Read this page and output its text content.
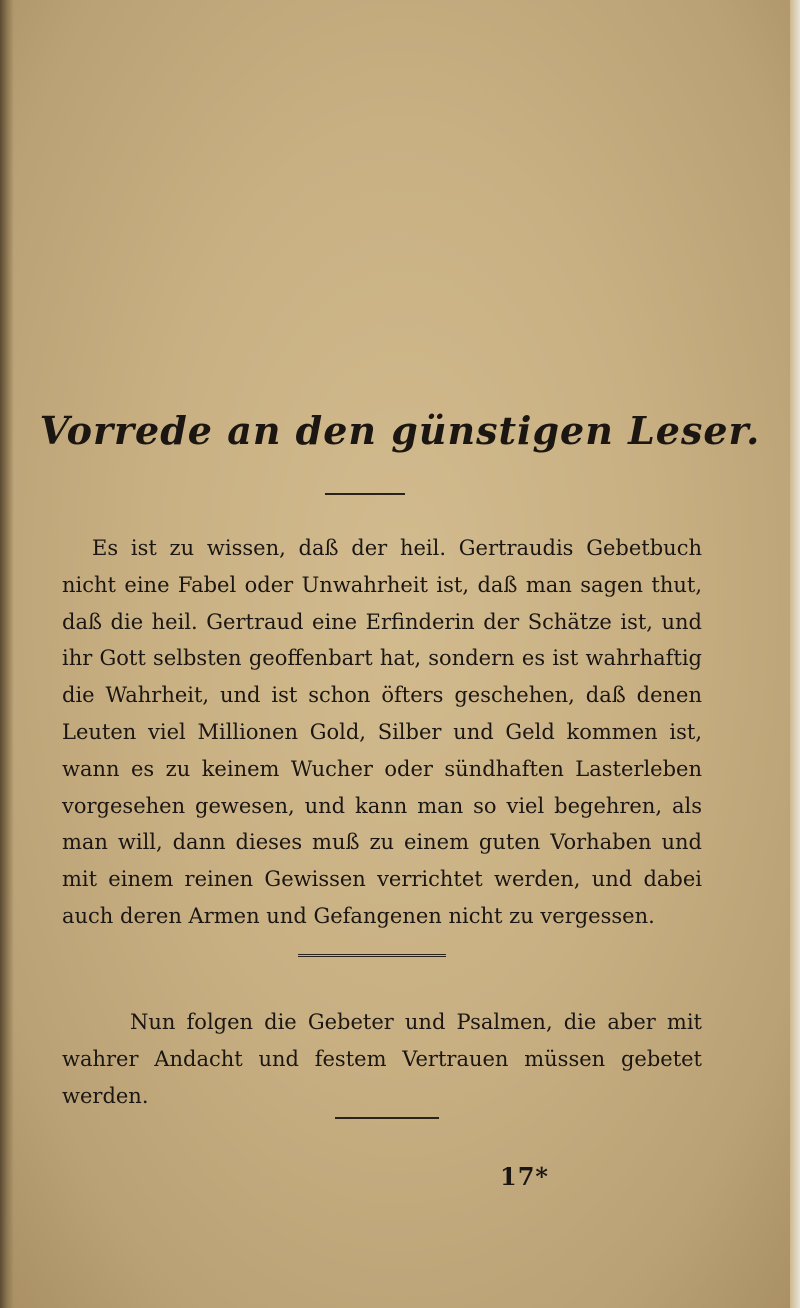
Vorrede an den günstigen Leser.

Es ist zu wissen, daß der heil. Gertraudis Gebetbuch nicht eine Fabel oder Unwahrheit ist, daß man sagen thut, daß die heil. Gertraud eine Erfinderin der Schätze ist, und ihr Gott selbsten geoffenbart hat, sondern es ist wahrhaftig die Wahrheit, und ist schon öfters geschehen, daß denen Leuten viel Millionen Gold, Silber und Geld kommen ist, wann es zu keinem Wucher oder sündhaften Lasterleben vorgesehen gewesen, und kann man so viel begehren, als man will, dann dieses muß zu einem guten Vorhaben und mit einem reinen Gewissen verrichtet werden, und dabei auch deren Armen und Gefangenen nicht zu vergessen.

Nun folgen die Gebeter und Psalmen, die aber mit wahrer Andacht und festem Vertrauen müssen gebetet werden.

17*
